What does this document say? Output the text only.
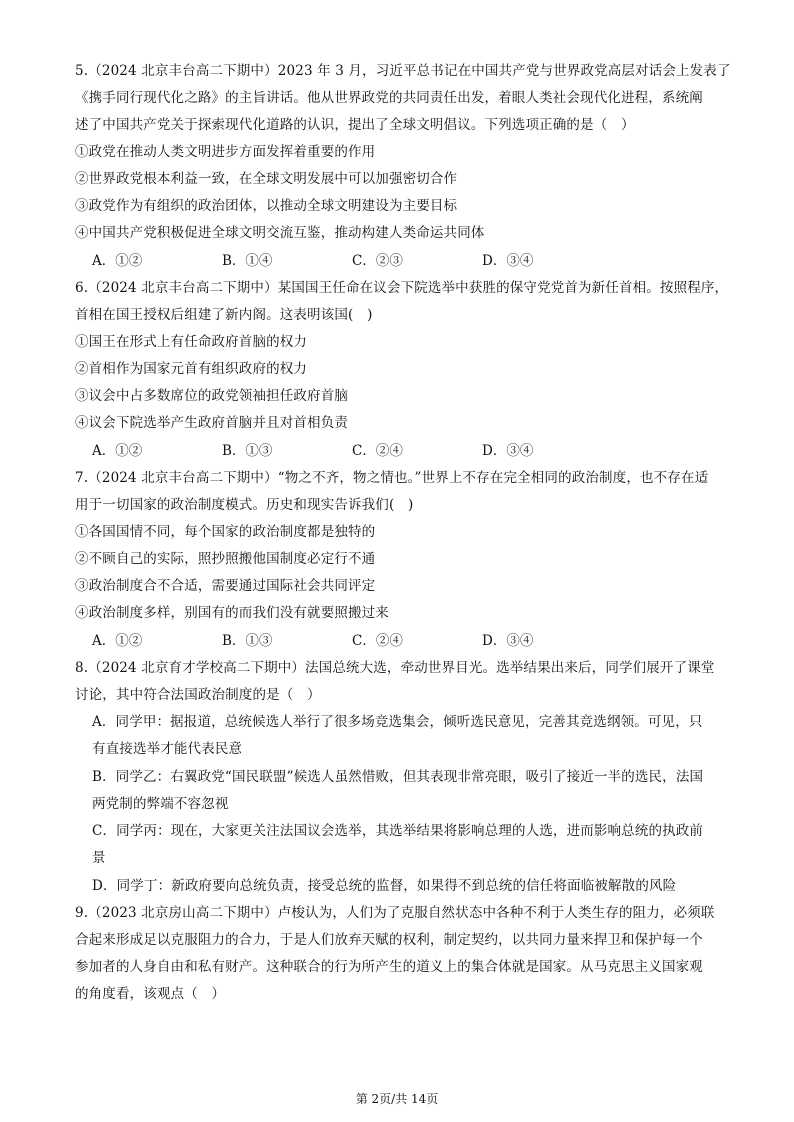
5.（2024 北京丰台高二下期中）2023 年 3 月，习近平总书记在中国共产党与世界政党高层对话会上发表了
《携手同行现代化之路》的主旨讲话。他从世界政党的共同责任出发，着眼人类社会现代化进程，系统阐
述了中国共产党关于探索现代化道路的认识，提出了全球文明倡议。下列选项正确的是（　）
①政党在推动人类文明进步方面发挥着重要的作用
②世界政党根本利益一致，在全球文明发展中可以加强密切合作
③政党作为有组织的政治团体，以推动全球文明建设为主要目标
④中国共产党积极促进全球文明交流互鉴，推动构建人类命运共同体
A．①②	B．①④	C．②③	D．③④
6.（2024 北京丰台高二下期中）某国国王任命在议会下院选举中获胜的保守党党首为新任首相。按照程序，
首相在国王授权后组建了新内阁。这表明该国(　)
①国王在形式上有任命政府首脑的权力
②首相作为国家元首有组织政府的权力
③议会中占多数席位的政党领袖担任政府首脑
④议会下院选举产生政府首脑并且对首相负责
A．①②	B．①③	C．②④	D．③④
7.（2024 北京丰台高二下期中）“物之不齐，物之情也。”世界上不存在完全相同的政治制度，也不存在适
用于一切国家的政治制度模式。历史和现实告诉我们(　)
①各国国情不同，每个国家的政治制度都是独特的
②不顾自己的实际，照抄照搬他国制度必定行不通
③政治制度合不合适，需要通过国际社会共同评定
④政治制度多样，别国有的而我们没有就要照搬过来
A．①②	B．①③	C．②④	D．③④
8.（2024 北京育才学校高二下期中）法国总统大选，牵动世界目光。选举结果出来后，同学们展开了课堂
讨论，其中符合法国政治制度的是（　）
A．同学甲：据报道，总统候选人举行了很多场竞选集会，倾听选民意见，完善其竞选纲领。可见，只
有直接选举才能代表民意
B．同学乙：右翼政党“国民联盟”候选人虽然惜败，但其表现非常亮眼，吸引了接近一半的选民，法国
两党制的弊端不容忽视
C．同学丙：现在，大家更关注法国议会选举，其选举结果将影响总理的人选，进而影响总统的执政前
景
D．同学丁：新政府要向总统负责，接受总统的监督，如果得不到总统的信任将面临被解散的风险
9.（2023 北京房山高二下期中）卢梭认为，人们为了克服自然状态中各种不利于人类生存的阻力，必须联
合起来形成足以克服阻力的合力，于是人们放弃天赋的权利，制定契约，以共同力量来捍卫和保护每一个
参加者的人身自由和私有财产。这种联合的行为所产生的道义上的集合体就是国家。从马克思主义国家观
的角度看，该观点（　）
第 2页/共 14页
